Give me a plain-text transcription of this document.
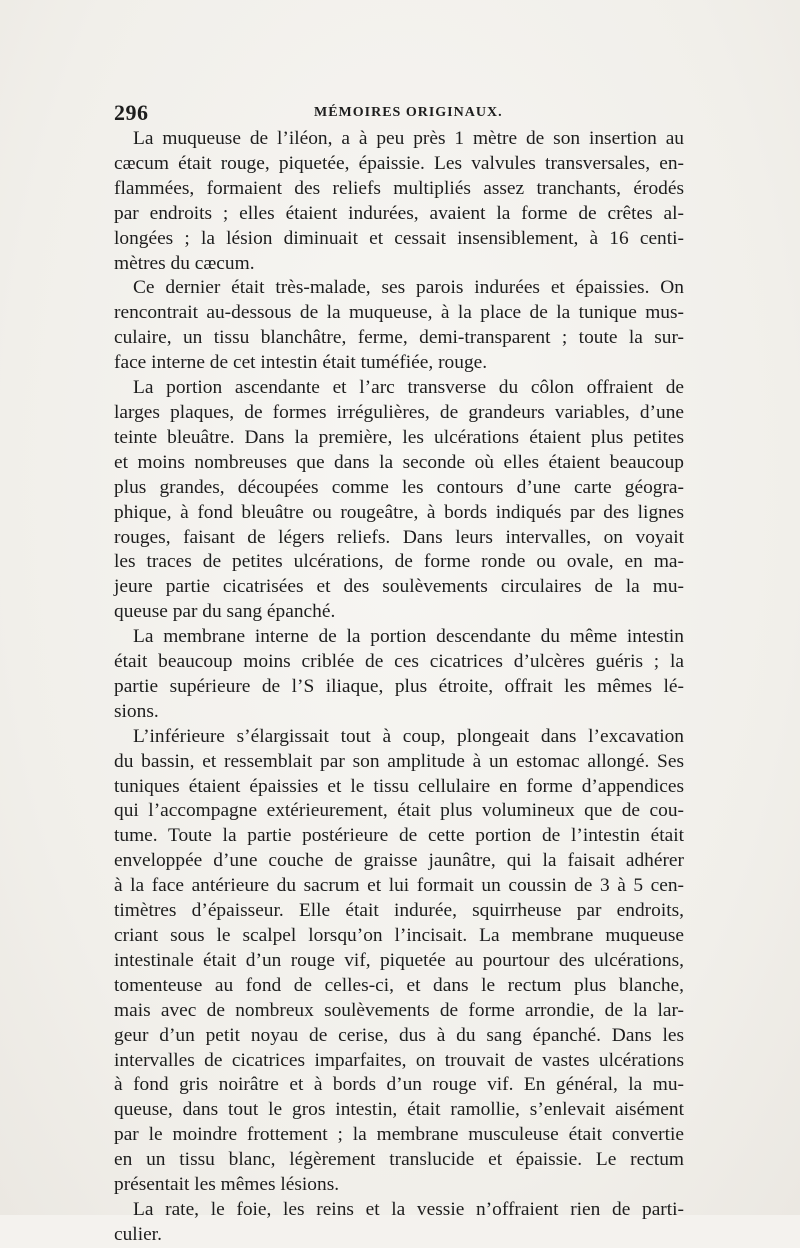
296	MÉMOIRES ORIGINAUX.

La muqueuse de l’iléon, a à peu près 1 mètre de son insertion au
cæcum était rouge, piquetée, épaissie. Les valvules transversales, en-
flammées, formaient des reliefs multipliés assez tranchants, érodés
par endroits ; elles étaient indurées, avaient la forme de crêtes al-
longées ; la lésion diminuait et cessait insensiblement, à 16 centi-
mètres du cæcum.

Ce dernier était très-malade, ses parois indurées et épaissies. On
rencontrait au-dessous de la muqueuse, à la place de la tunique mus-
culaire, un tissu blanchâtre, ferme, demi-transparent ; toute la sur-
face interne de cet intestin était tuméfiée, rouge.

La portion ascendante et l’arc transverse du côlon offraient de
larges plaques, de formes irrégulières, de grandeurs variables, d’une
teinte bleuâtre. Dans la première, les ulcérations étaient plus petites
et moins nombreuses que dans la seconde où elles étaient beaucoup
plus grandes, découpées comme les contours d’une carte géogra-
phique, à fond bleuâtre ou rougeâtre, à bords indiqués par des lignes
rouges, faisant de légers reliefs. Dans leurs intervalles, on voyait
les traces de petites ulcérations, de forme ronde ou ovale, en ma-
jeure partie cicatrisées et des soulèvements circulaires de la mu-
queuse par du sang épanché.

La membrane interne de la portion descendante du même intestin
était beaucoup moins criblée de ces cicatrices d’ulcères guéris ; la
partie supérieure de l’S iliaque, plus étroite, offrait les mêmes lé-
sions.

L’inférieure s’élargissait tout à coup, plongeait dans l’excavation
du bassin, et ressemblait par son amplitude à un estomac allongé. Ses
tuniques étaient épaissies et le tissu cellulaire en forme d’appendices
qui l’accompagne extérieurement, était plus volumineux que de cou-
tume. Toute la partie postérieure de cette portion de l’intestin était
enveloppée d’une couche de graisse jaunâtre, qui la faisait adhérer
à la face antérieure du sacrum et lui formait un coussin de 3 à 5 cen-
timètres d’épaisseur. Elle était indurée, squirrheuse par endroits,
criant sous le scalpel lorsqu’on l’incisait. La membrane muqueuse
intestinale était d’un rouge vif, piquetée au pourtour des ulcérations,
tomenteuse au fond de celles-ci, et dans le rectum plus blanche,
mais avec de nombreux soulèvements de forme arrondie, de la lar-
geur d’un petit noyau de cerise, dus à du sang épanché. Dans les
intervalles de cicatrices imparfaites, on trouvait de vastes ulcérations
à fond gris noirâtre et à bords d’un rouge vif. En général, la mu-
queuse, dans tout le gros intestin, était ramollie, s’enlevait aisément
par le moindre frottement ; la membrane musculeuse était convertie
en un tissu blanc, légèrement translucide et épaissie. Le rectum
présentait les mêmes lésions.

La rate, le foie, les reins et la vessie n’offraient rien de parti-
culier.
